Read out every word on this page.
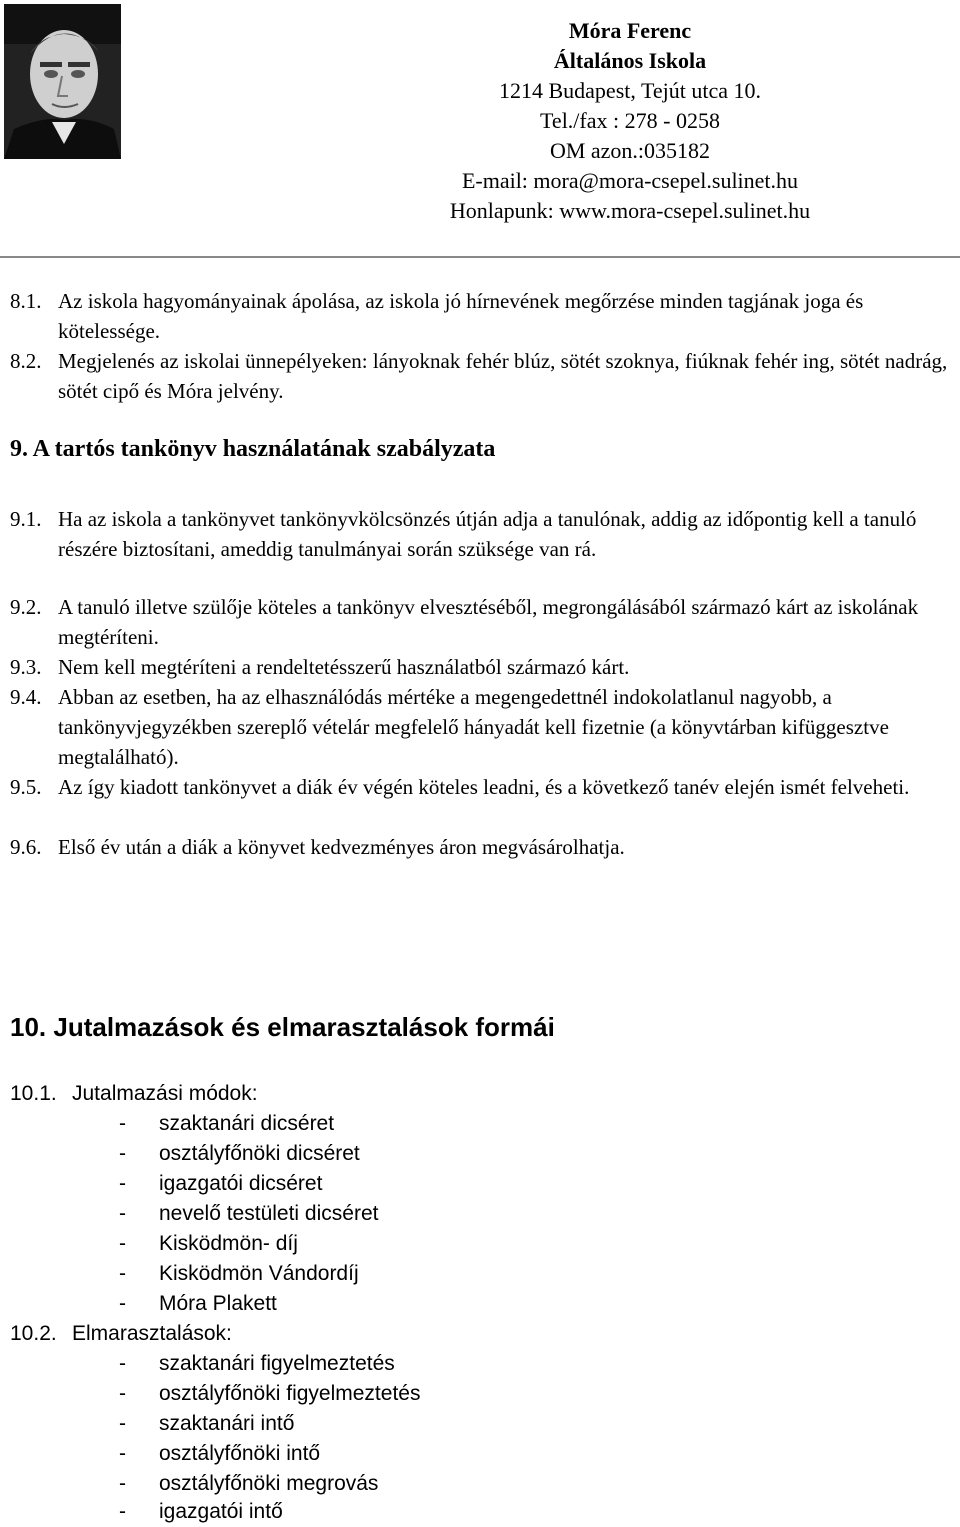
Móra Ferenc
Általános Iskola
1214 Budapest, Tejút utca 10.
Tel./fax : 278 - 0258
OM azon.:035182
E-mail: mora@mora-csepel.sulinet.hu
Honlapunk: www.mora-csepel.sulinet.hu
8.1. Az iskola hagyományainak ápolása, az iskola jó hírnevének megőrzése minden tagjának joga és kötelessége.
8.2. Megjelenés az iskolai ünnepélyeken: lányoknak fehér blúz, sötét szoknya, fiúknak fehér ing, sötét nadrág, sötét cipő és Móra jelvény.
9. A tartós tankönyv használatának szabályzata
9.1. Ha az iskola a tankönyvet tankönyvkölcsönzés útján adja a tanulónak, addig az időpontig kell a tanuló részére biztosítani, ameddig tanulmányai során szüksége van rá.
9.2. A tanuló illetve szülője köteles a tankönyv elvesztéséből, megrongálásából származó kárt az iskolának megtéríteni.
9.3. Nem kell megtéríteni a rendeltetésszerű használatból származó kárt.
9.4. Abban az esetben, ha az elhasználódás mértéke a megengedettnél indokolatlanul nagyobb, a tankönyvjegyzékben szereplő vételár megfelelő hányadát kell fizetnie (a könyvtárban kifüggesztve megtalálható).
9.5. Az így kiadott tankönyvet a diák év végén köteles leadni, és a következő tanév elején ismét felveheti.
9.6. Első év után a diák a könyvet kedvezményes áron megvásárolhatja.
10. Jutalmazások és elmarasztalások formái
10.1. Jutalmazási módok:
- szaktanári dicséret
- osztályfőnöki dicséret
- igazgatói dicséret
- nevelő testületi dicséret
- Kisködmön- díj
- Kisködmön Vándordíj
- Móra Plakett
10.2. Elmarasztalások:
- szaktanári figyelmeztetés
- osztályfőnöki figyelmeztetés
- szaktanári intő
- osztályfőnöki intő
- osztályfőnöki megrovás
- igazgatói intő
